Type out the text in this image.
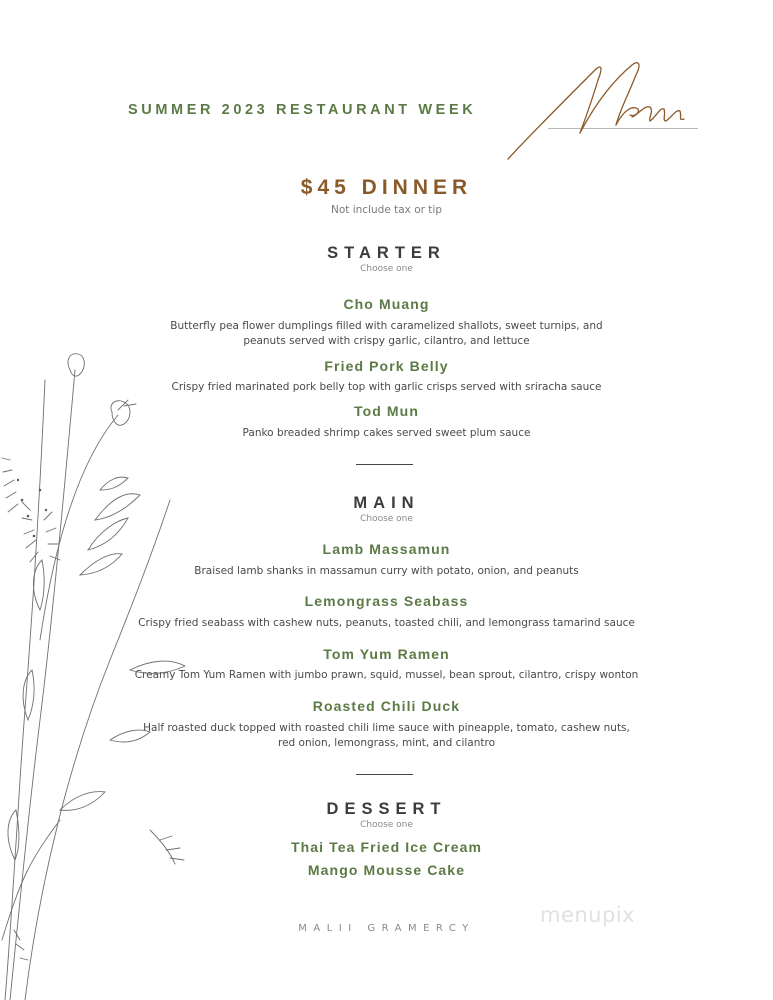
SUMMER 2023 RESTAURANT WEEK
$45 DINNER
Not include tax or tip
STARTER
Choose one
Cho Muang
Butterfly pea flower dumplings filled with caramelized shallots, sweet turnips, and
peanuts served with crispy garlic, cilantro, and lettuce
Fried Pork Belly
Crispy fried marinated pork belly top with garlic crisps served with sriracha sauce
Tod Mun
Panko breaded shrimp cakes served sweet plum sauce
MAIN
Choose one
Lamb Massamun
Braised lamb shanks in massamun curry with potato, onion, and peanuts
Lemongrass Seabass
Crispy fried seabass with cashew nuts, peanuts, toasted chili, and lemongrass tamarind sauce
Tom Yum Ramen
Creamy Tom Yum Ramen with jumbo prawn, squid, mussel, bean sprout, cilantro, crispy wonton
Roasted Chili Duck
Half roasted duck topped with roasted chili lime sauce with pineapple, tomato, cashew nuts,
red onion, lemongrass, mint, and cilantro
DESSERT
Choose one
Thai Tea Fried Ice Cream
Mango Mousse Cake
MALII GRAMERCY
menupix
